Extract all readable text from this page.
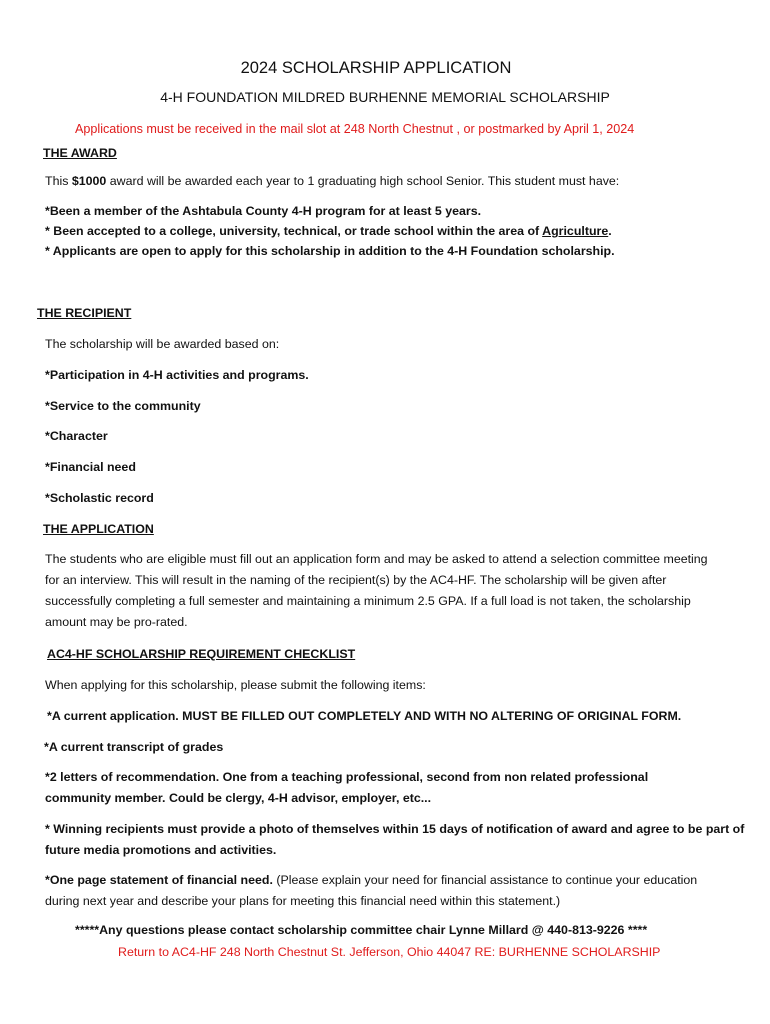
2024 SCHOLARSHIP APPLICATION
4-H FOUNDATION MILDRED BURHENNE MEMORIAL SCHOLARSHIP
Applications must be received in the mail slot at 248 North Chestnut , or postmarked by April 1, 2024
THE AWARD
This $1000 award will be awarded each year to 1 graduating high school Senior. This student must have:
*Been a member of the Ashtabula County 4-H program for at least 5 years.
* Been accepted to a college, university, technical, or trade school within the area of Agriculture.
* Applicants are open to apply for this scholarship in addition to the 4-H Foundation scholarship.
THE RECIPIENT
The scholarship will be awarded based on:
*Participation in 4-H activities and programs.
*Service to the community
*Character
*Financial need
*Scholastic record
THE APPLICATION
The students who are eligible must fill out an application form and may be asked to attend a selection committee meeting for an interview. This will result in the naming of the recipient(s) by the AC4-HF. The scholarship will be given after successfully completing a full semester and maintaining a minimum 2.5 GPA. If a full load is not taken, the scholarship amount may be pro-rated.
AC4-HF SCHOLARSHIP REQUIREMENT CHECKLIST
When applying for this scholarship, please submit the following items:
*A current application. MUST BE FILLED OUT COMPLETELY AND WITH NO ALTERING OF ORIGINAL FORM.
*A current transcript of grades
*2 letters of recommendation. One from a teaching professional, second from non related professional community member. Could be clergy, 4-H advisor, employer, etc...
* Winning recipients must provide a photo of themselves within 15 days of notification of award and agree to be part of future media promotions and activities.
*One page statement of financial need. (Please explain your need for financial assistance to continue your education during next year and describe your plans for meeting this financial need within this statement.)
*****Any questions please contact scholarship committee chair Lynne Millard @ 440-813-9226 ****
Return to AC4-HF 248 North Chestnut St. Jefferson, Ohio 44047 RE: BURHENNE SCHOLARSHIP
